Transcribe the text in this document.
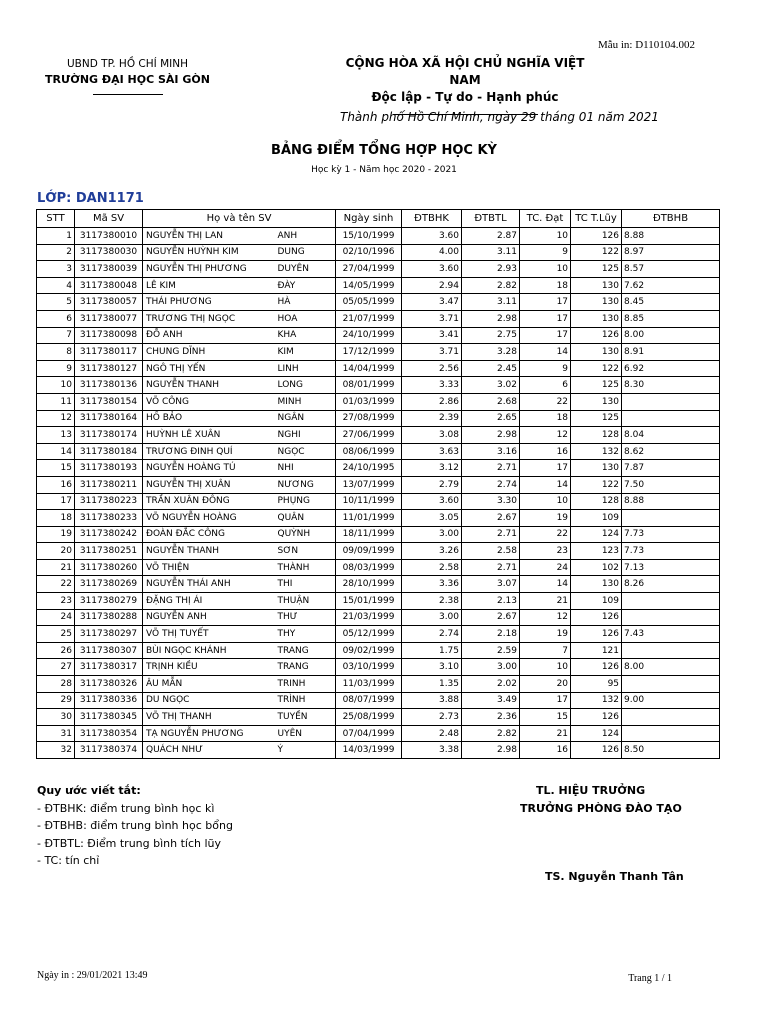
Mẫu in: D110104.002
UBND TP. HỒ CHÍ MINH
TRƯỜNG ĐẠI HỌC SÀI GÒN
CỘNG HÒA XÃ HỘI CHỦ NGHĨA VIỆT NAM
Độc lập - Tự do - Hạnh phúc
Thành phố Hồ Chí Minh, ngày 29 tháng 01 năm 2021
BẢNG ĐIỂM TỔNG HỢP HỌC KỲ
Học kỳ 1 - Năm học 2020 - 2021
LỚP: DAN1171
STT	Mã SV	Họ và tên SV		Ngày sinh	ĐTBHK	ĐTBTL	TC. Đạt	TC T.Lũy	ĐTBHB
1	3117380010	NGUYỄN THỊ LAN	ANH	15/10/1999	3.60	2.87	10	126	8.88
2	3117380030	NGUYỄN HUỲNH KIM	DUNG	02/10/1996	4.00	3.11	9	122	8.97
3	3117380039	NGUYỄN THỊ PHƯƠNG	DUYÊN	27/04/1999	3.60	2.93	10	125	8.57
4	3117380048	LÊ KIM	ĐÀY	14/05/1999	2.94	2.82	18	130	7.62
5	3117380057	THÁI PHƯƠNG	HÀ	05/05/1999	3.47	3.11	17	130	8.45
6	3117380077	TRƯƠNG THỊ NGỌC	HOA	21/07/1999	3.71	2.98	17	130	8.85
7	3117380098	ĐỖ ANH	KHA	24/10/1999	3.41	2.75	17	126	8.00
8	3117380117	CHUNG DĨNH	KIM	17/12/1999	3.71	3.28	14	130	8.91
9	3117380127	NGÔ THỊ YẾN	LINH	14/04/1999	2.56	2.45	9	122	6.92
10	3117380136	NGUYỄN THANH	LONG	08/01/1999	3.33	3.02	6	125	8.30
11	3117380154	VÕ CÔNG	MINH	01/03/1999	2.86	2.68	22	130	
12	3117380164	HỒ BẢO	NGÂN	27/08/1999	2.39	2.65	18	125	
13	3117380174	HUỲNH LÊ XUÂN	NGHI	27/06/1999	3.08	2.98	12	128	8.04
14	3117380184	TRƯƠNG ĐINH QUÍ	NGỌC	08/06/1999	3.63	3.16	16	132	8.62
15	3117380193	NGUYỄN HOÀNG TÚ	NHI	24/10/1995	3.12	2.71	17	130	7.87
16	3117380211	NGUYỄN THỊ XUÂN	NƯƠNG	13/07/1999	2.79	2.74	14	122	7.50
17	3117380223	TRẦN XUÂN ĐÔNG	PHỤNG	10/11/1999	3.60	3.30	10	128	8.88
18	3117380233	VÕ NGUYỄN HOÀNG	QUÂN	11/01/1999	3.05	2.67	19	109	
19	3117380242	ĐOÀN ĐẮC CÔNG	QUỲNH	18/11/1999	3.00	2.71	22	124	7.73
20	3117380251	NGUYỄN THANH	SƠN	09/09/1999	3.26	2.58	23	123	7.73
21	3117380260	VÕ THIỆN	THÀNH	08/03/1999	2.58	2.71	24	102	7.13
22	3117380269	NGUYỄN THÁI ANH	THI	28/10/1999	3.36	3.07	14	130	8.26
23	3117380279	ĐẶNG THỊ ÁI	THUẬN	15/01/1999	2.38	2.13	21	109	
24	3117380288	NGUYỄN ANH	THƯ	21/03/1999	3.00	2.67	12	126	
25	3117380297	VÕ THỊ TUYẾT	THY	05/12/1999	2.74	2.18	19	126	7.43
26	3117380307	BÙI NGỌC KHÁNH	TRANG	09/02/1999	1.75	2.59	7	121	
27	3117380317	TRỊNH KIỀU	TRANG	03/10/1999	3.10	3.00	10	126	8.00
28	3117380326	ÂU MẪN	TRINH	11/03/1999	1.35	2.02	20	95	
29	3117380336	DU NGỌC	TRÌNH	08/07/1999	3.88	3.49	17	132	9.00
30	3117380345	VÕ THỊ THANH	TUYỀN	25/08/1999	2.73	2.36	15	126	
31	3117380354	TẠ NGUYỄN PHƯƠNG	UYÊN	07/04/1999	2.48	2.82	21	124	
32	3117380374	QUÁCH NHƯ	Ý	14/03/1999	3.38	2.98	16	126	8.50
Quy ước viết tắt:
- ĐTBHK: điểm trung bình học kì
- ĐTBHB: điểm trung bình học bổng
- ĐTBTL: Điểm trung bình tích lũy
- TC: tín chỉ
TL. HIỆU TRƯỞNG
TRƯỞNG PHÒNG ĐÀO TẠO
TS. Nguyễn Thanh Tân
Ngày in : 29/01/2021 13:49	Trang 1 / 1
